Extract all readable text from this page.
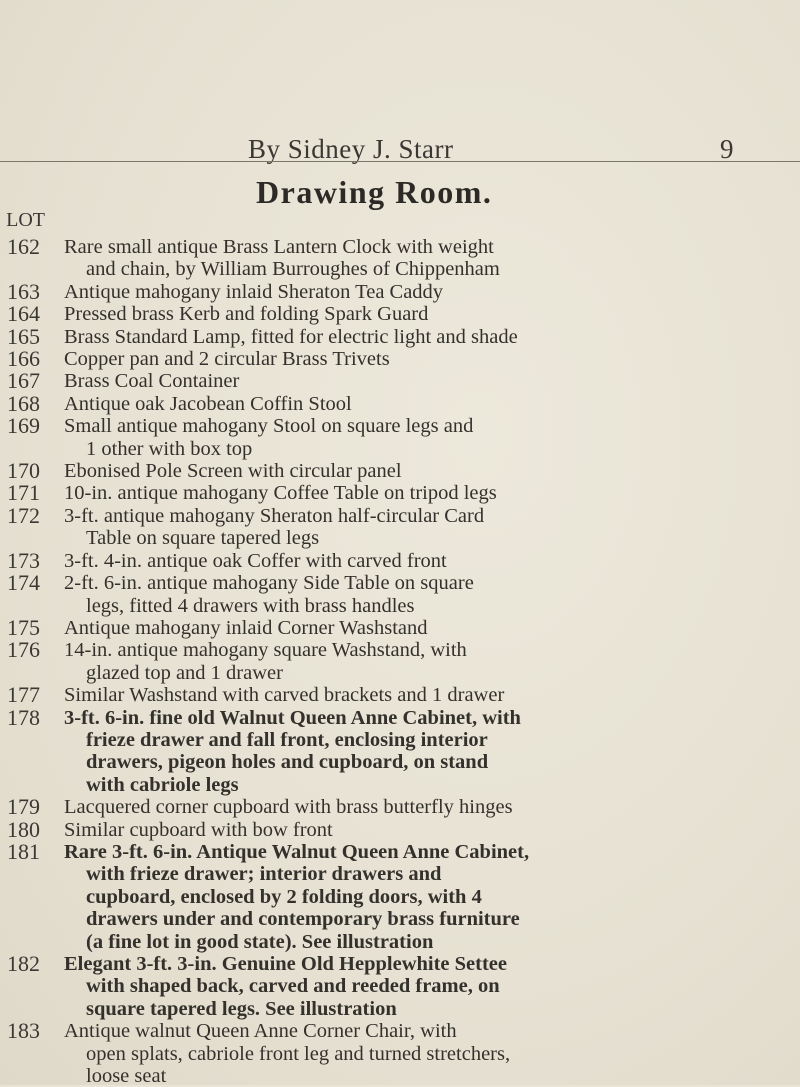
By Sidney J. Starr	9
Drawing Room.
LOT
162 Rare small antique Brass Lantern Clock with weight
and chain, by William Burroughes of Chippenham
163 Antique mahogany inlaid Sheraton Tea Caddy
164 Pressed brass Kerb and folding Spark Guard
165 Brass Standard Lamp, fitted for electric light and shade
166 Copper pan and 2 circular Brass Trivets
167 Brass Coal Container
168 Antique oak Jacobean Coffin Stool
169 Small antique mahogany Stool on square legs and
1 other with box top
170 Ebonised Pole Screen with circular panel
171 10-in. antique mahogany Coffee Table on tripod legs
172 3-ft. antique mahogany Sheraton half-circular Card
Table on square tapered legs
173 3-ft. 4-in. antique oak Coffer with carved front
174 2-ft. 6-in. antique mahogany Side Table on square
legs, fitted 4 drawers with brass handles
175 Antique mahogany inlaid Corner Washstand
176 14-in. antique mahogany square Washstand, with
glazed top and 1 drawer
177 Similar Washstand with carved brackets and 1 drawer
178 3-ft. 6-in. fine old Walnut Queen Anne Cabinet, with
frieze drawer and fall front, enclosing interior
drawers, pigeon holes and cupboard, on stand
with cabriole legs
179 Lacquered corner cupboard with brass butterfly hinges
180 Similar cupboard with bow front
181 Rare 3-ft. 6-in. Antique Walnut Queen Anne Cabinet,
with frieze drawer; interior drawers and
cupboard, enclosed by 2 folding doors, with 4
drawers under and contemporary brass furniture
(a fine lot in good state). See illustration
182 Elegant 3-ft. 3-in. Genuine Old Hepplewhite Settee
with shaped back, carved and reeded frame, on
square tapered legs. See illustration
183 Antique walnut Queen Anne Corner Chair, with
open splats, cabriole front leg and turned stretchers,
loose seat
